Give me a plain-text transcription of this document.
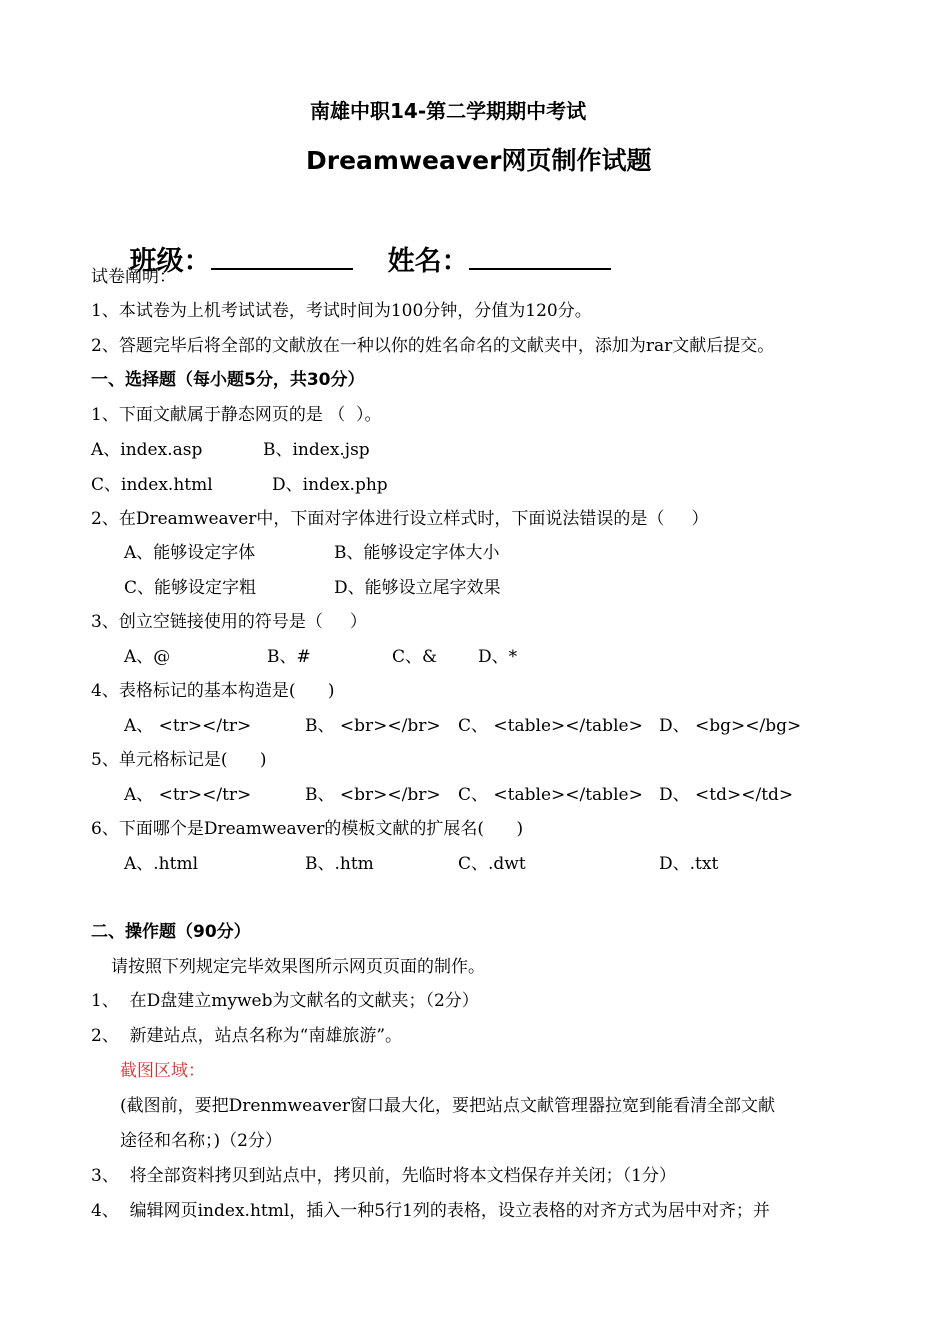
南雄中职14-第二学期期中考试
Dreamweaver网页制作试题

班级：
	姓名：

试卷阐明：
1、本试卷为上机考试试卷，考试时间为100分钟，分值为120分。
2、答题完毕后将全部的文献放在一种以你的姓名命名的文献夹中，添加为rar文献后提交。
一、选择题（每小题5分，共30分）
1、下面文献属于静态网页的是 （  ）。
A、index.asp	B、index.jsp
C、index.html	D、index.php
2、在Dreamweaver中，下面对字体进行设立样式时，下面说法错误的是（     ）
A、能够设定字体	B、能够设定字体大小
C、能够设定字粗	D、能够设立尾字效果
3、创立空链接使用的符号是（     ）
A、@	B、#	C、& D、*
4、表格标记的基本构造是(      )
A、 <tr></tr>	B、 <br></br> C、 <table></table> D、 <bg></bg>
5、单元格标记是(      )
A、 <tr></tr>	B、 <br></br> C、 <table></table> D、 <td></td>
6、下面哪个是Dreamweaver的模板文献的扩展名(      )
A、.html	B、.htm	C、.dwt	D、.txt
二、操作题（90分）
请按照下列规定完毕效果图所示网页页面的制作。
1、  在D盘建立myweb为文献名的文献夹；（2分）
2、  新建站点，站点名称为“南雄旅游”。
截图区域：
(截图前，要把Drenmweaver窗口最大化，要把站点文献管理器拉宽到能看清全部文献
途径和名称；)（2分）
3、  将全部资料拷贝到站点中，拷贝前，先临时将本文档保存并关闭；（1分）
4、  编辑网页index.html，插入一种5行1列的表格，设立表格的对齐方式为居中对齐；并
